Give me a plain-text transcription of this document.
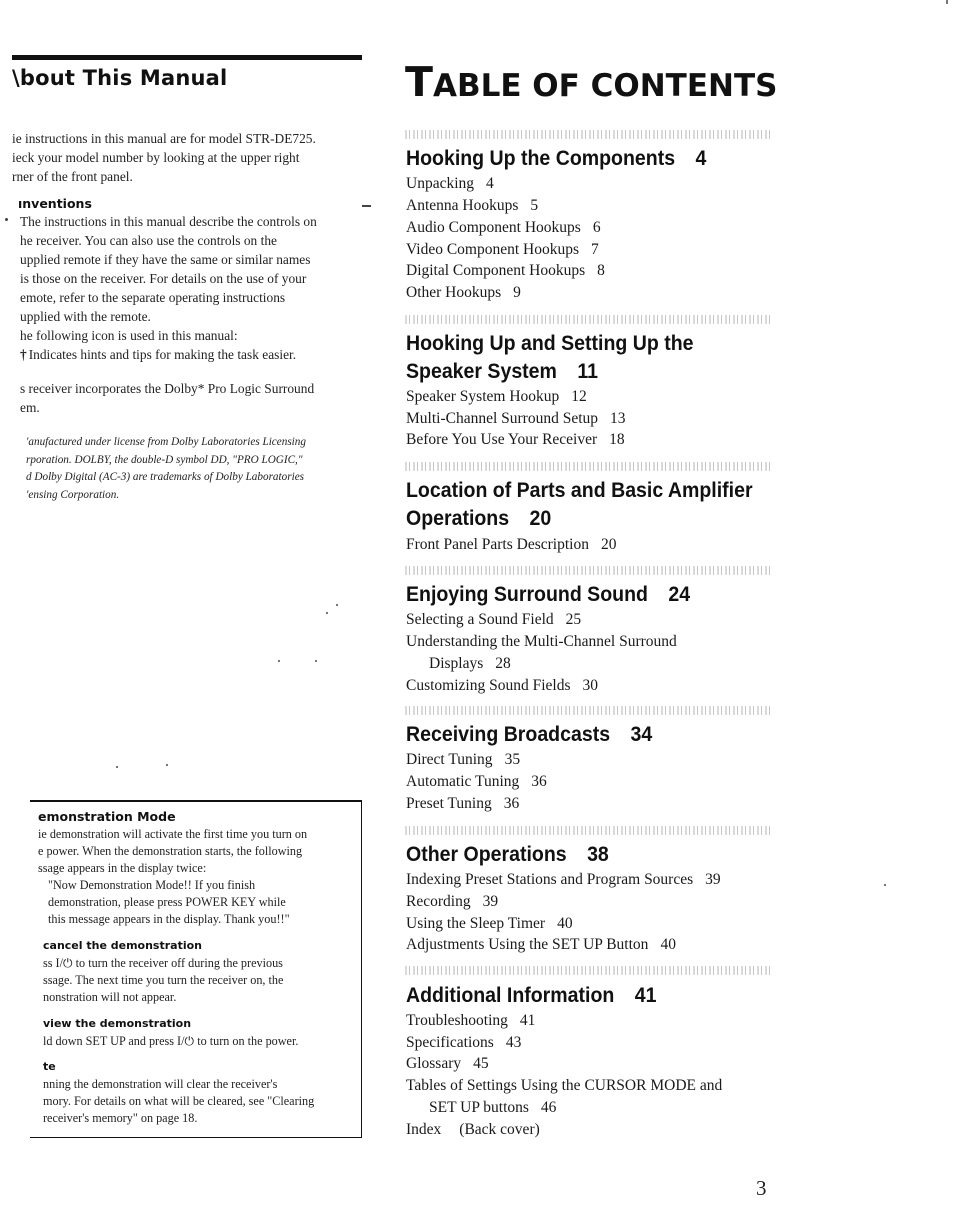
\bout This Manual
ie instructions in this manual are for model STR-DE725.
ieck your model number by looking at the upper right
rner of the front panel.
ınventions
The instructions in this manual describe the controls on
he receiver. You can also use the controls on the
upplied remote if they have the same or similar names
is those on the receiver. For details on the use of your
emote, refer to the separate operating instructions
upplied with the remote.
he following icon is used in this manual:
† Indicates hints and tips for making the task easier.
s receiver incorporates the Dolby* Pro Logic Surround
em.
'anufactured under license from Dolby Laboratories Licensing
rporation. DOLBY, the double-D symbol DD, "PRO LOGIC,"
d Dolby Digital (AC-3) are trademarks of Dolby Laboratories
'ensing Corporation.
emonstration Mode
ie demonstration will activate the first time you turn on
e power. When the demonstration starts, the following
ssage appears in the display twice:
"Now Demonstration Mode!! If you finish
demonstration, please press POWER KEY while
this message appears in the display. Thank you!!"
cancel the demonstration
ss I/⏻ to turn the receiver off during the previous
ssage. The next time you turn the receiver on, the
nonstration will not appear.
view the demonstration
ld down SET UP and press I/⏻ to turn on the power.
te
nning the demonstration will clear the receiver's
mory. For details on what will be cleared, see "Clearing
receiver's memory" on page 18.
TABLE OF CONTENTS
Hooking Up the Components 4
Unpacking 4
Antenna Hookups 5
Audio Component Hookups 6
Video Component Hookups 7
Digital Component Hookups 8
Other Hookups 9
Hooking Up and Setting Up the
Speaker System 11
Speaker System Hookup 12
Multi-Channel Surround Setup 13
Before You Use Your Receiver 18
Location of Parts and Basic Amplifier
Operations 20
Front Panel Parts Description 20
Enjoying Surround Sound 24
Selecting a Sound Field 25
Understanding the Multi-Channel Surround
Displays 28
Customizing Sound Fields 30
Receiving Broadcasts 34
Direct Tuning 35
Automatic Tuning 36
Preset Tuning 36
Other Operations 38
Indexing Preset Stations and Program Sources 39
Recording 39
Using the Sleep Timer 40
Adjustments Using the SET UP Button 40
Additional Information 41
Troubleshooting 41
Specifications 43
Glossary 45
Tables of Settings Using the CURSOR MODE and
SET UP buttons 46
Index (Back cover)
3
